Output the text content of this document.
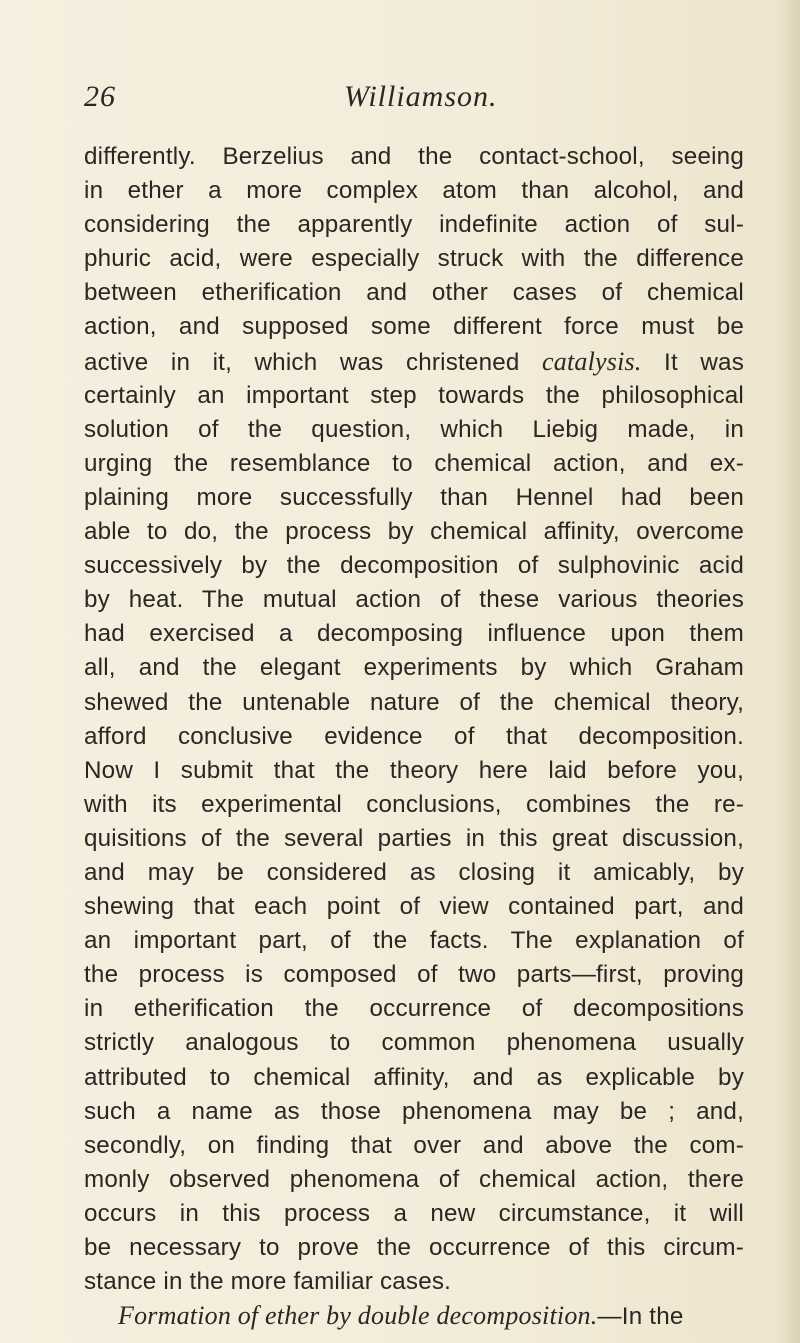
26	Williamson.
differently. Berzelius and the contact-school, seeing
in ether a more complex atom than alcohol, and
considering the apparently indefinite action of sul-
phuric acid, were especially struck with the difference
between etherification and other cases of chemical
action, and supposed some different force must be
active in it, which was christened catalysis. It was
certainly an important step towards the philosophical
solution of the question, which Liebig made, in
urging the resemblance to chemical action, and ex-
plaining more successfully than Hennel had been
able to do, the process by chemical affinity, overcome
successively by the decomposition of sulphovinic acid
by heat. The mutual action of these various theories
had exercised a decomposing influence upon them
all, and the elegant experiments by which Graham
shewed the untenable nature of the chemical theory,
afford conclusive evidence of that decomposition.
Now I submit that the theory here laid before you,
with its experimental conclusions, combines the re-
quisitions of the several parties in this great discussion,
and may be considered as closing it amicably, by
shewing that each point of view contained part, and
an important part, of the facts. The explanation of
the process is composed of two parts—first, proving
in etherification the occurrence of decompositions
strictly analogous to common phenomena usually
attributed to chemical affinity, and as explicable by
such a name as those phenomena may be ; and,
secondly, on finding that over and above the com-
monly observed phenomena of chemical action, there
occurs in this process a new circumstance, it will
be necessary to prove the occurrence of this circum-
stance in the more familiar cases.
Formation of ether by double decomposition.—In the
